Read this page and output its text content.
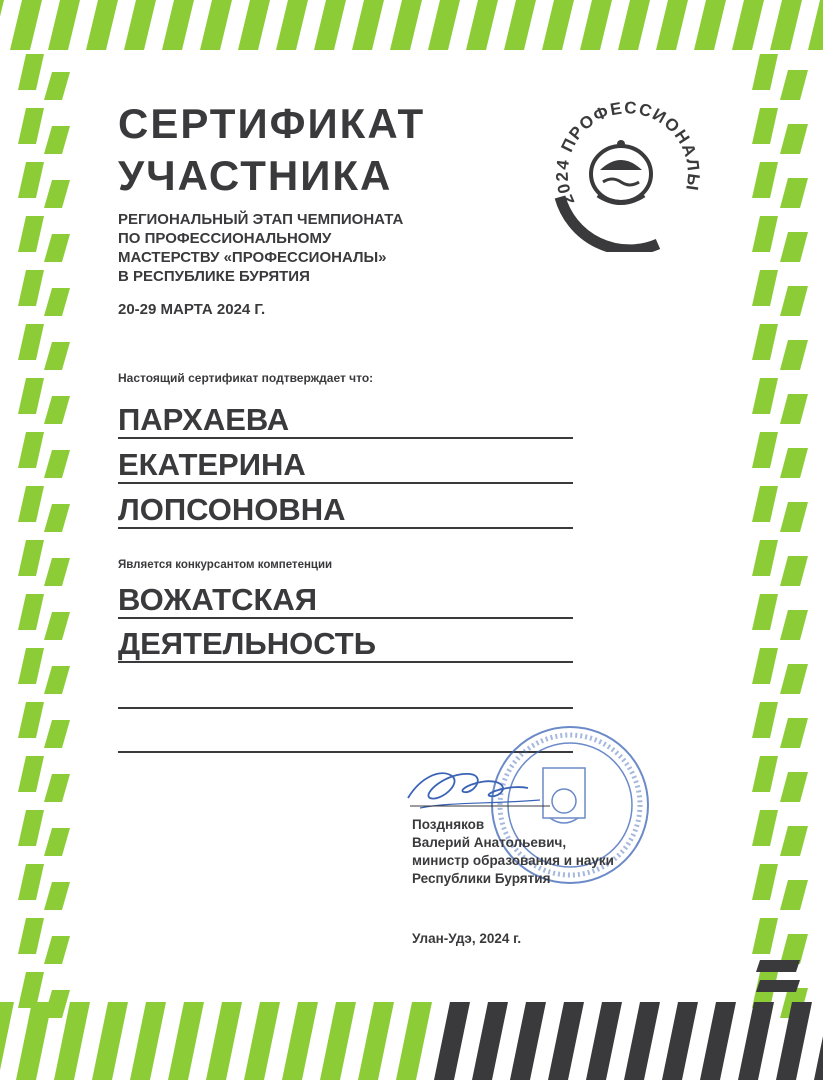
СЕРТИФИКАТ
УЧАСТНИКА
РЕГИОНАЛЬНЫЙ ЭТАП ЧЕМПИОНАТА
ПО ПРОФЕССИОНАЛЬНОМУ
МАСТЕРСТВУ «ПРОФЕССИОНАЛЫ»
В РЕСПУБЛИКЕ БУРЯТИЯ
20-29 МАРТА 2024 Г.
2024 ПРОФЕССИОНАЛЫ
Настоящий сертификат подтверждает что:
ПАРХАЕВА
ЕКАТЕРИНА
ЛОПСОНОВНА
Является конкурсантом компетенции
ВОЖАТСКАЯ
ДЕЯТЕЛЬНОСТЬ
Поздняков
Валерий Анатольевич,
министр образования и науки
Республики Бурятия
Улан-Удэ, 2024 г.
